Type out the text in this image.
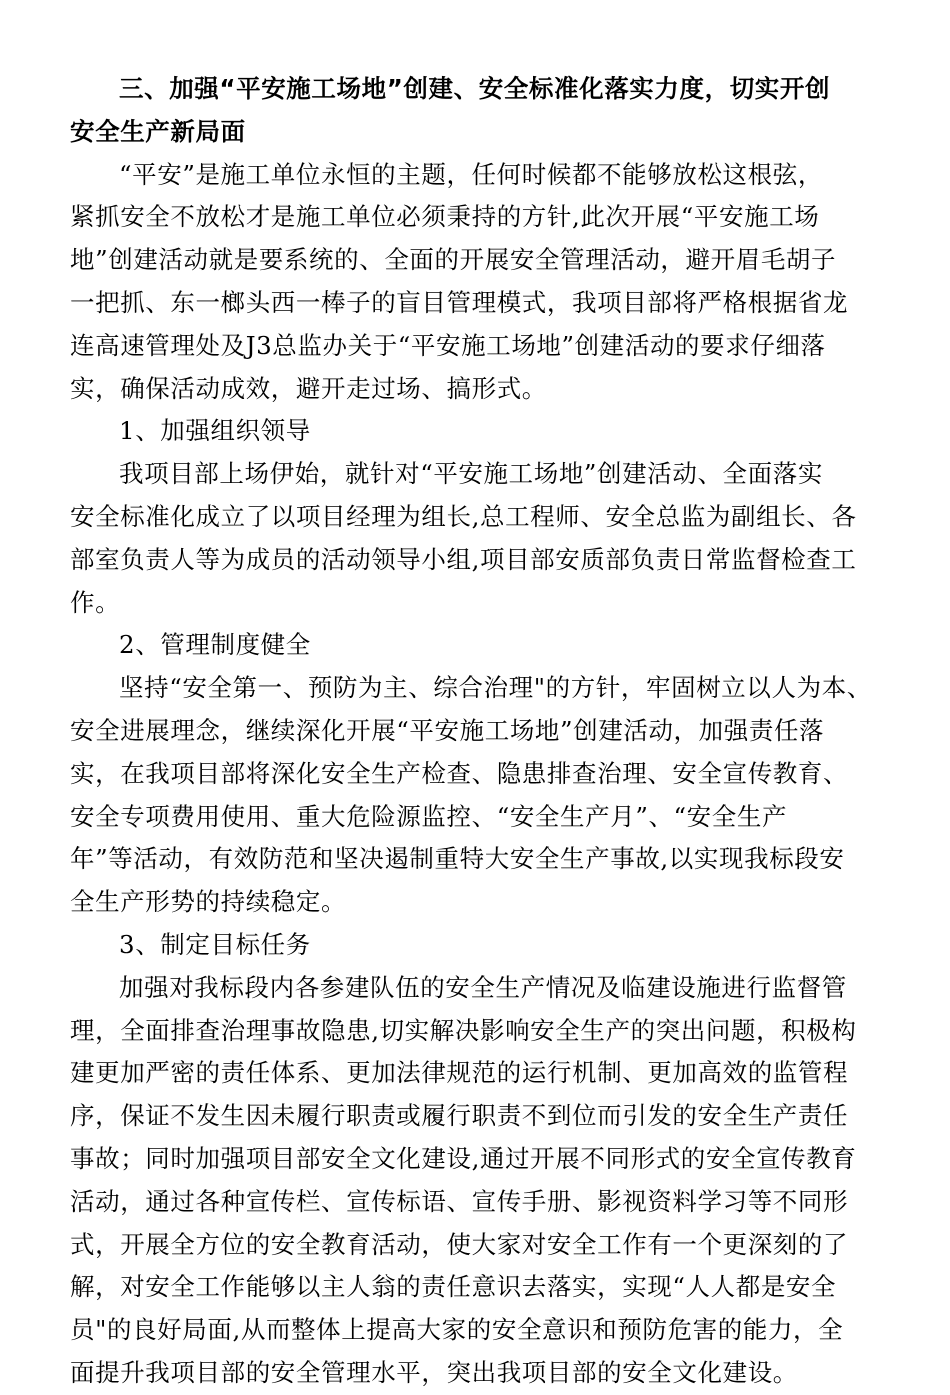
三、加强“平安施工场地”创建、安全标准化落实力度，切实开创
安全生产新局面
“平安”是施工单位永恒的主题，任何时候都不能够放松这根弦，
紧抓安全不放松才是施工单位必须秉持的方针,此次开展“平安施工场
地”创建活动就是要系统的、全面的开展安全管理活动，避开眉毛胡子
一把抓、东一榔头西一棒子的盲目管理模式，我项目部将严格根据省龙
连高速管理处及J3总监办关于“平安施工场地”创建活动的要求仔细落
实，确保活动成效，避开走过场、搞形式。
1、加强组织领导
我项目部上场伊始，就针对“平安施工场地”创建活动、全面落实
安全标准化成立了以项目经理为组长,总工程师、安全总监为副组长、各
部室负责人等为成员的活动领导小组,项目部安质部负责日常监督检查工
作。
2、管理制度健全
坚持“安全第一、预防为主、综合治理"的方针，牢固树立以人为本、
安全进展理念，继续深化开展“平安施工场地”创建活动，加强责任落
实，在我项目部将深化安全生产检查、隐患排查治理、安全宣传教育、
安全专项费用使用、重大危险源监控、“安全生产月”、“安全生产
年”等活动，有效防范和坚决遏制重特大安全生产事故,以实现我标段安
全生产形势的持续稳定。
3、制定目标任务
加强对我标段内各参建队伍的安全生产情况及临建设施进行监督管
理，全面排查治理事故隐患,切实解决影响安全生产的突出问题，积极构
建更加严密的责任体系、更加法律规范的运行机制、更加高效的监管程
序，保证不发生因未履行职责或履行职责不到位而引发的安全生产责任
事故；同时加强项目部安全文化建设,通过开展不同形式的安全宣传教育
活动，通过各种宣传栏、宣传标语、宣传手册、影视资料学习等不同形
式，开展全方位的安全教育活动，使大家对安全工作有一个更深刻的了
解，对安全工作能够以主人翁的责任意识去落实，实现“人人都是安全
员"的良好局面,从而整体上提高大家的安全意识和预防危害的能力，全
面提升我项目部的安全管理水平，突出我项目部的安全文化建设。
